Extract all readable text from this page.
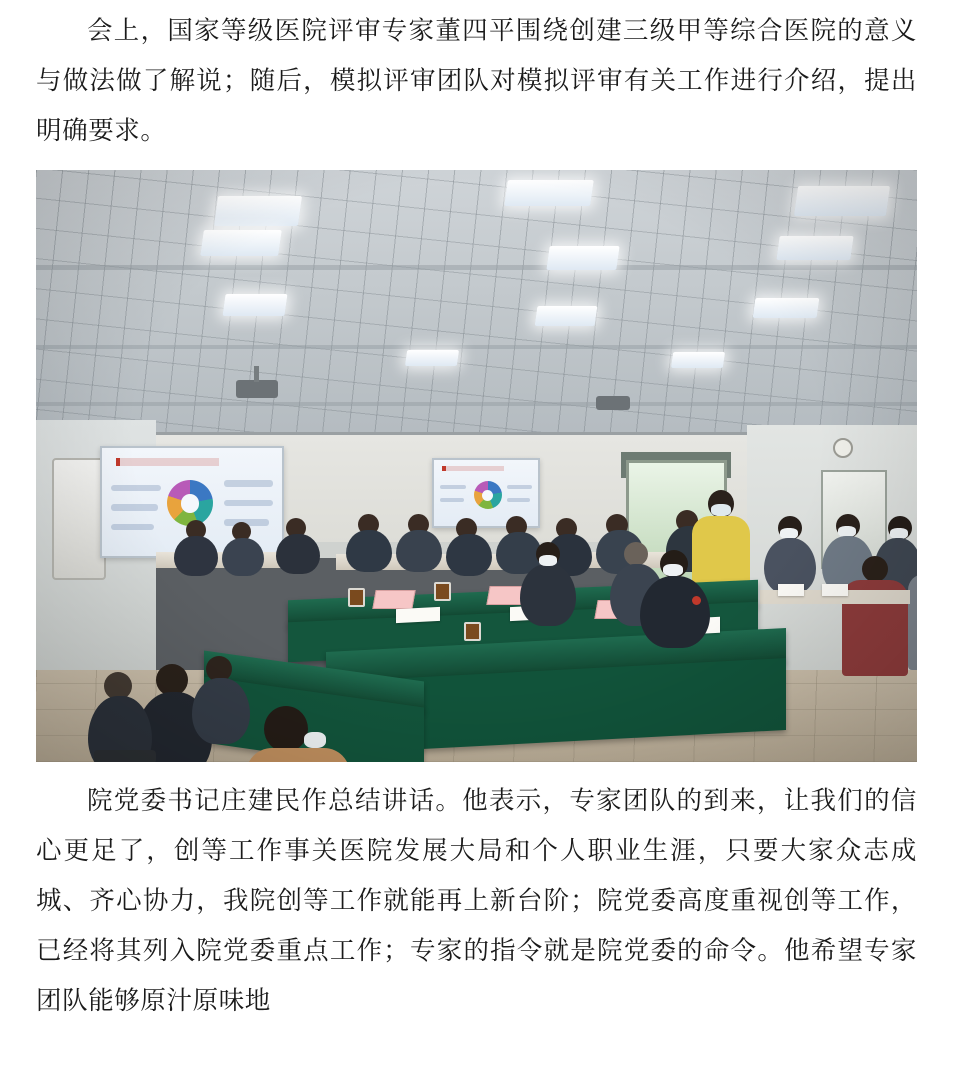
会上，国家等级医院评审专家董四平围绕创建三级甲等综合医院的意义与做法做了解说；随后，模拟评审团队对模拟评审有关工作进行介绍，提出明确要求。

院党委书记庄建民作总结讲话。他表示，专家团队的到来，让我们的信心更足了，创等工作事关医院发展大局和个人职业生涯，只要大家众志成城、齐心协力，我院创等工作就能再上新台阶；院党委高度重视创等工作，已经将其列入院党委重点工作；专家的指令就是院党委的命令。他希望专家团队能够原汁原味地
